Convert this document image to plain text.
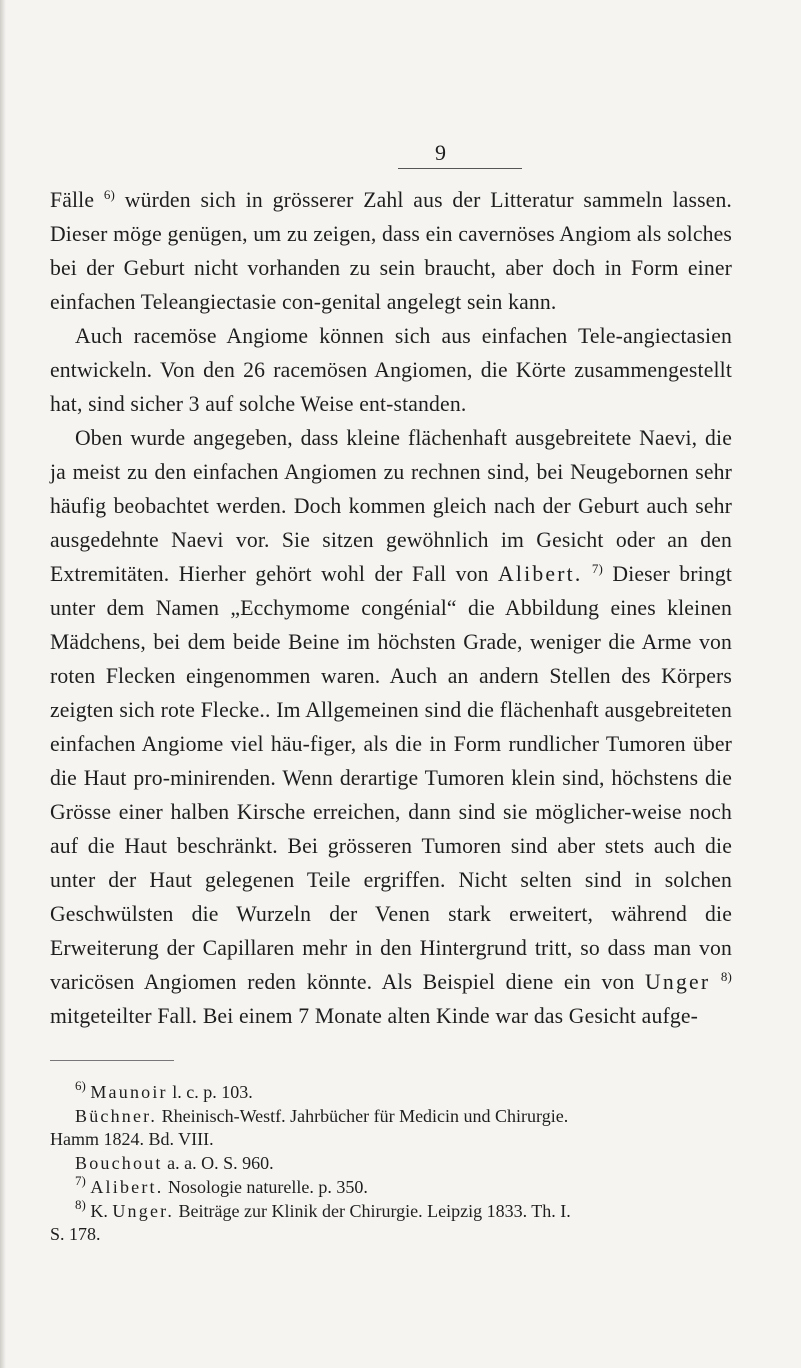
9

Fälle $^{6)}$ würden sich in grösserer Zahl aus der Litteratur sammeln lassen. Dieser möge genügen, um zu zeigen, dass ein cavernöses Angiom als solches bei der Geburt nicht vorhanden zu sein braucht, aber doch in Form einer einfachen Teleangiectasie con-genital angelegt sein kann.

Auch racemöse Angiome können sich aus einfachen Tele-angiectasien entwickeln. Von den 26 racemösen Angiomen, die Körte zusammengestellt hat, sind sicher 3 auf solche Weise ent-standen.

Oben wurde angegeben, dass kleine flächenhaft ausgebreitete Naevi, die ja meist zu den einfachen Angiomen zu rechnen sind, bei Neugebornen sehr häufig beobachtet werden. Doch kommen gleich nach der Geburt auch sehr ausgedehnte Naevi vor. Sie sitzen gewöhnlich im Gesicht oder an den Extremitäten. Hierher gehört wohl der Fall von Alibert. $^{7)}$ Dieser bringt unter dem Namen „Ecchymome congénial“ die Abbildung eines kleinen Mädchens, bei dem beide Beine im höchsten Grade, weniger die Arme von roten Flecken eingenommen waren. Auch an andern Stellen des Körpers zeigten sich rote Flecke.. Im Allgemeinen sind die flächenhaft ausgebreiteten einfachen Angiome viel häu-figer, als die in Form rundlicher Tumoren über die Haut pro-minirenden. Wenn derartige Tumoren klein sind, höchstens die Grösse einer halben Kirsche erreichen, dann sind sie möglicher-weise noch auf die Haut beschränkt. Bei grösseren Tumoren sind aber stets auch die unter der Haut gelegenen Teile ergriffen. Nicht selten sind in solchen Geschwülsten die Wurzeln der Venen stark erweitert, während die Erweiterung der Capillaren mehr in den Hintergrund tritt, so dass man von varicösen Angiomen reden könnte. Als Beispiel diene ein von Unger $^{8)}$ mitgeteilter Fall. Bei einem 7 Monate alten Kinde war das Gesicht aufge-

$^{6)}$ Maunoir l. c. p. 103.

Büchner. Rheinisch-Westf. Jahrbücher für Medicin und Chirurgie.

Hamm 1824. Bd. VIII.

Bouchout a. a. O. S. 960.

$^{7)}$ Alibert. Nosologie naturelle. p. 350.

$^{8)}$ K. Unger. Beiträge zur Klinik der Chirurgie. Leipzig 1833. Th. I.

S. 178.
